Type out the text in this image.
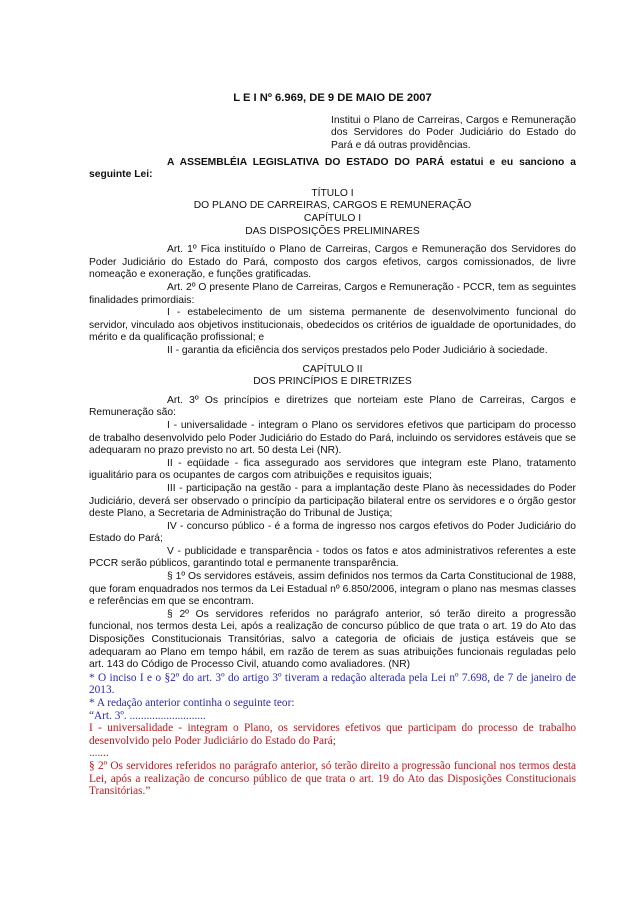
L E I Nº 6.969, DE 9 DE MAIO DE 2007

Institui o Plano de Carreiras, Cargos e Remuneração dos Servidores do Poder Judiciário do Estado do Pará e dá outras providências.

A ASSEMBLÉIA LEGISLATIVA DO ESTADO DO PARÁ estatui e eu sanciono a seguinte Lei:

TÍTULO I

DO PLANO DE CARREIRAS, CARGOS E REMUNERAÇÃO

CAPÍTULO I

DAS DISPOSIÇÕES PRELIMINARES

Art. 1º Fica instituído o Plano de Carreiras, Cargos e Remuneração dos Servidores do Poder Judiciário do Estado do Pará, composto dos cargos efetivos, cargos comissionados, de livre nomeação e exoneração, e funções gratificadas.

Art. 2º O presente Plano de Carreiras, Cargos e Remuneração - PCCR, tem as seguintes finalidades primordiais:

I - estabelecimento de um sistema permanente de desenvolvimento funcional do servidor, vinculado aos objetivos institucionais, obedecidos os critérios de igualdade de oportunidades, do mérito e da qualificação profissional; e

II - garantia da eficiência dos serviços prestados pelo Poder Judiciário à sociedade.

CAPÍTULO II

DOS PRINCÍPIOS E DIRETRIZES

Art. 3º Os princípios e diretrizes que norteiam este Plano de Carreiras, Cargos e Remuneração são:

I - universalidade - integram o Plano os servidores efetivos que participam do processo de trabalho desenvolvido pelo Poder Judiciário do Estado do Pará, incluindo os servidores estáveis que se adequaram no prazo previsto no art. 50 desta Lei (NR).

II - eqüidade - fica assegurado aos servidores que integram este Plano, tratamento igualitário para os ocupantes de cargos com atribuições e requisitos iguais;

III - participação na gestão - para a implantação deste Plano às necessidades do Poder Judiciário, deverá ser observado o princípio da participação bilateral entre os servidores e o órgão gestor deste Plano, a Secretaria de Administração do Tribunal de Justiça;

IV - concurso público - é a forma de ingresso nos cargos efetivos do Poder Judiciário do Estado do Pará;

V - publicidade e transparência - todos os fatos e atos administrativos referentes a este PCCR serão públicos, garantindo total e permanente transparência.

§ 1º Os servidores estáveis, assim definidos nos termos da Carta Constitucional de 1988, que foram enquadrados nos termos da Lei Estadual nº 6.850/2006, integram o plano nas mesmas classes e referências em que se encontram.

§ 2º Os servidores referidos no parágrafo anterior, só terão direito a progressão funcional, nos termos desta Lei, após a realização de concurso público de que trata o art. 19 do Ato das Disposições Constitucionais Transitórias, salvo a categoria de oficiais de justiça estáveis que se adequaram ao Plano em tempo hábil, em razão de terem as suas atribuições funcionais reguladas pelo art. 143 do Código de Processo Civil, atuando como avaliadores. (NR)

* O inciso I e o §2º do art. 3º do artigo 3º tiveram a redação alterada pela Lei nº 7.698, de 7 de janeiro de 2013.

* A redação anterior continha o seguinte teor:

“Art. 3º. ...........................

I - universalidade - integram o Plano, os servidores efetivos que participam do processo de trabalho desenvolvido pelo Poder Judiciário do Estado do Pará;

.......

§ 2º Os servidores referidos no parágrafo anterior, só terão direito a progressão funcional nos termos desta Lei, após a realização de concurso público de que trata o art. 19 do Ato das Disposições Constitucionais Transitórias.”
